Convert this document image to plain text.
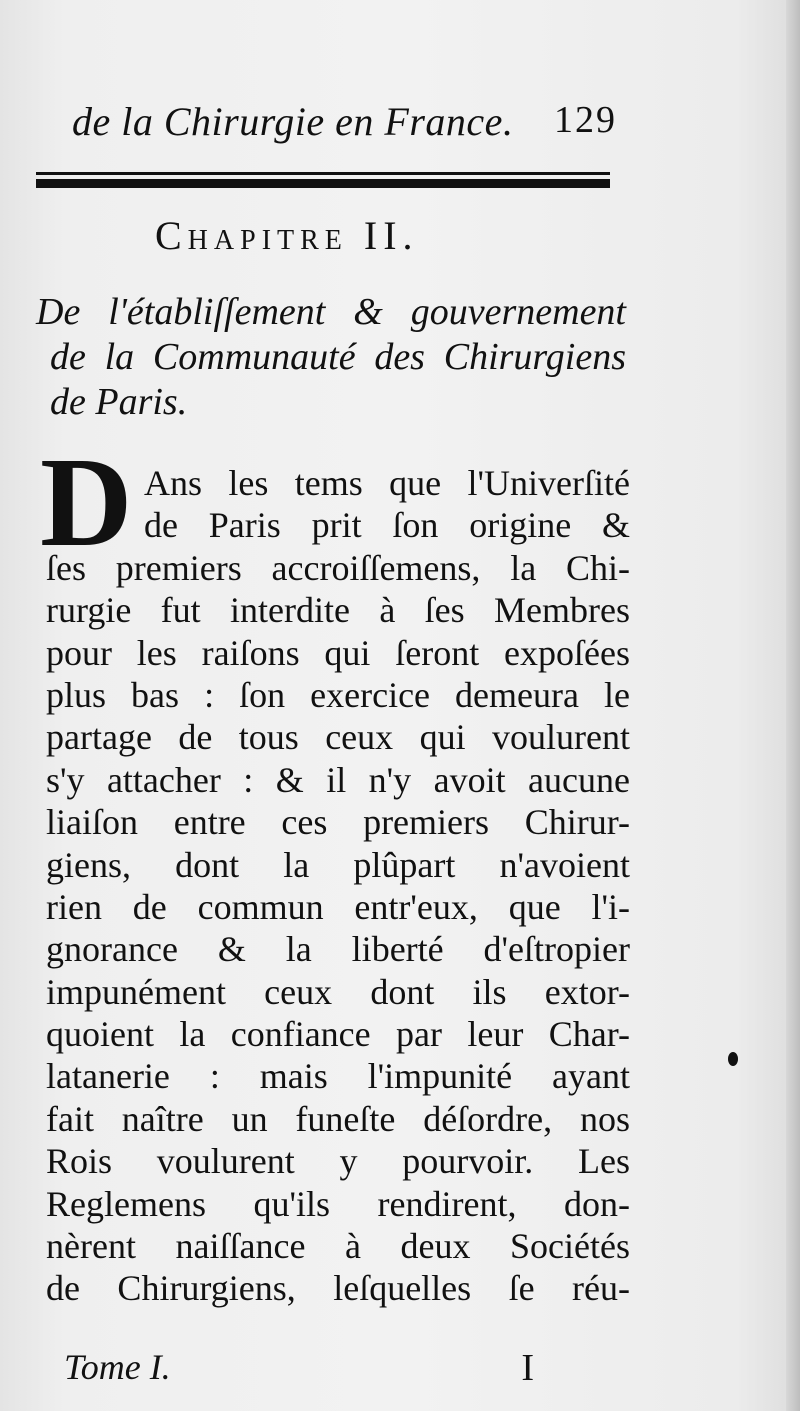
de la Chirurgie en France. 129
Chapitre II.
De l'établiſſement & gouvernement
de la Communauté des Chirurgiens
de Paris.
D Ans les tems que l'Univerſité
de Paris prit ſon origine &
ſes premiers accroiſſemens, la Chi-
rurgie fut interdite à ſes Membres
pour les raiſons qui ſeront expoſées
plus bas : ſon exercice demeura le
partage de tous ceux qui voulurent
s'y attacher : & il n'y avoit aucune
liaiſon entre ces premiers Chirur-
giens, dont la plûpart n'avoient
rien de commun entr'eux, que l'i-
gnorance & la liberté d'eſtropier
impunément ceux dont ils extor-
quoient la confiance par leur Char-
latanerie : mais l'impunité ayant
fait naître un funeſte déſordre, nos
Rois voulurent y pourvoir. Les
Reglemens qu'ils rendirent, don-
nèrent naiſſance à deux Sociétés
de Chirurgiens, leſquelles ſe réu-
Tome I.	I
